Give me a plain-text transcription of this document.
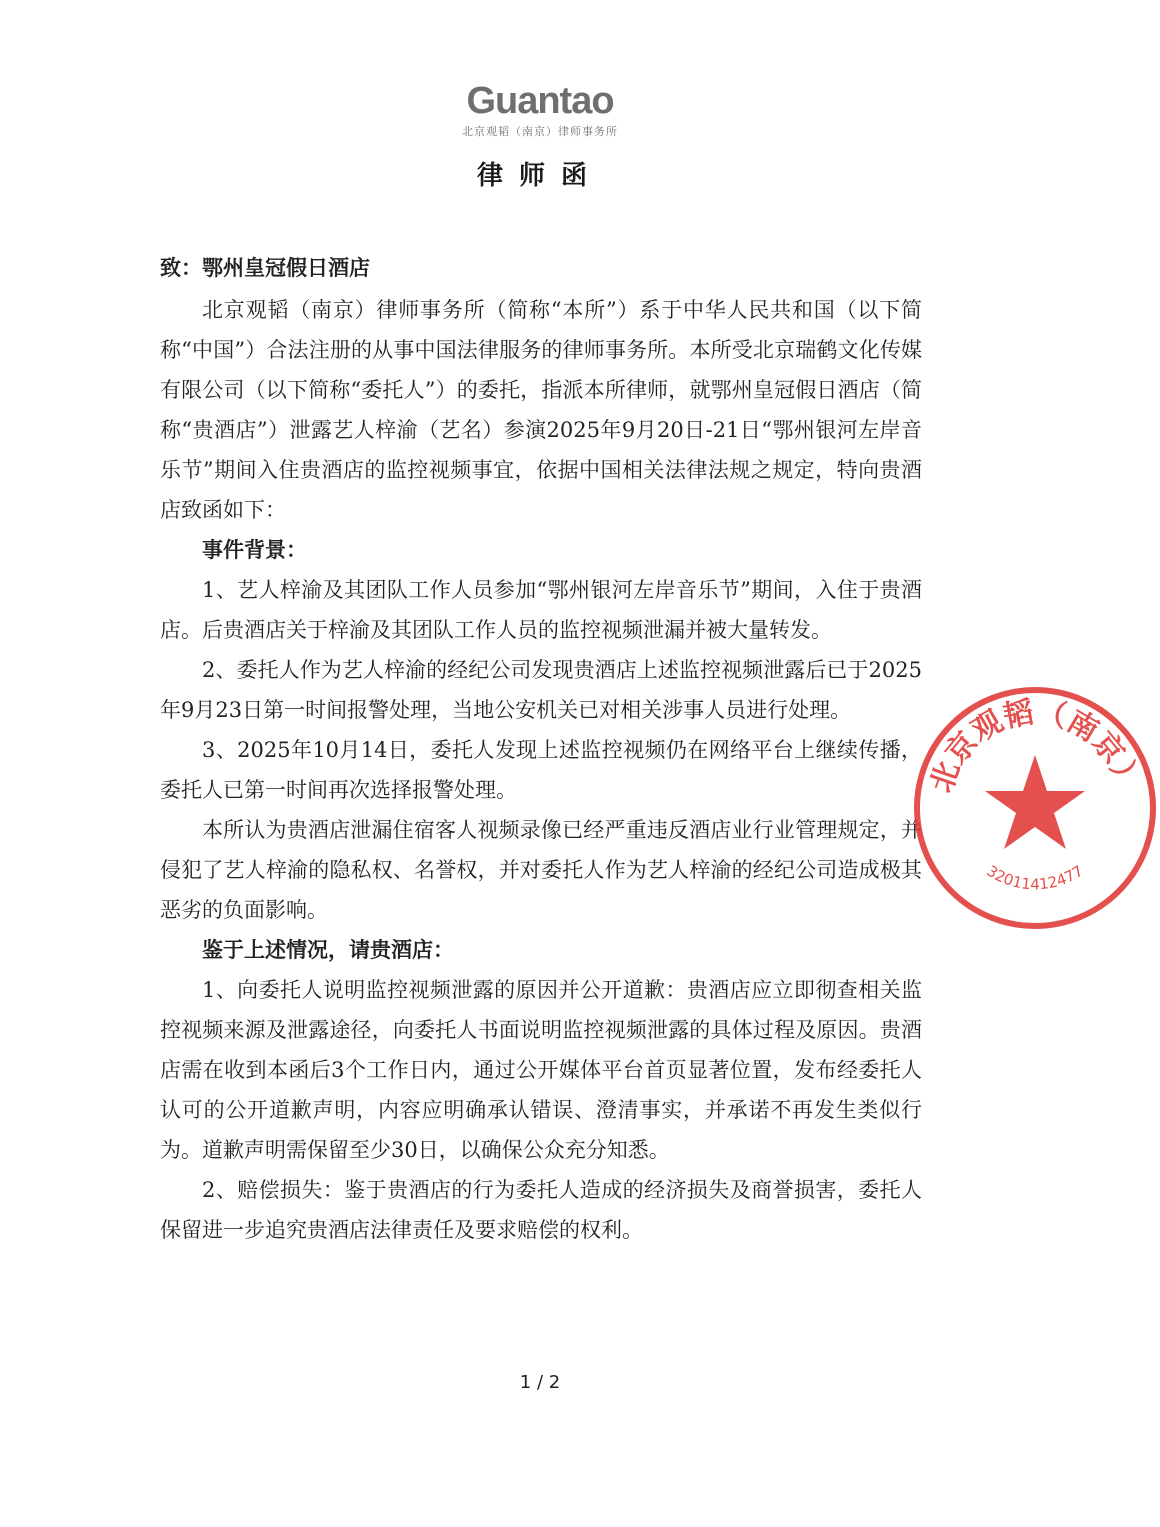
Guantao
北京观韬（南京）律师事务所
律师函

致：鄂州皇冠假日酒店

北京观韬（南京）律师事务所（简称“本所”）系于中华人民共和国（以下简称“中国”）合法注册的从事中国法律服务的律师事务所。本所受北京瑞鹤文化传媒有限公司（以下简称“委托人”）的委托，指派本所律师，就鄂州皇冠假日酒店（简称“贵酒店”）泄露艺人梓渝（艺名）参演2025年9月20日-21日“鄂州银河左岸音乐节”期间入住贵酒店的监控视频事宜，依据中国相关法律法规之规定，特向贵酒店致函如下：

事件背景：

1、艺人梓渝及其团队工作人员参加“鄂州银河左岸音乐节”期间，入住于贵酒店。后贵酒店关于梓渝及其团队工作人员的监控视频泄漏并被大量转发。

2、委托人作为艺人梓渝的经纪公司发现贵酒店上述监控视频泄露后已于2025年9月23日第一时间报警处理，当地公安机关已对相关涉事人员进行处理。

3、2025年10月14日，委托人发现上述监控视频仍在网络平台上继续传播，委托人已第一时间再次选择报警处理。

本所认为贵酒店泄漏住宿客人视频录像已经严重违反酒店业行业管理规定，并侵犯了艺人梓渝的隐私权、名誉权，并对委托人作为艺人梓渝的经纪公司造成极其恶劣的负面影响。

鉴于上述情况，请贵酒店：

1、向委托人说明监控视频泄露的原因并公开道歉：贵酒店应立即彻查相关监控视频来源及泄露途径，向委托人书面说明监控视频泄露的具体过程及原因。贵酒店需在收到本函后3个工作日内，通过公开媒体平台首页显著位置，发布经委托人认可的公开道歉声明，内容应明确承认错误、澄清事实，并承诺不再发生类似行为。道歉声明需保留至少30日，以确保公众充分知悉。

2、赔偿损失：鉴于贵酒店的行为委托人造成的经济损失及商誉损害，委托人保留进一步追究贵酒店法律责任及要求赔偿的权利。

1 / 2
北京观韬（南京）
32011412477
